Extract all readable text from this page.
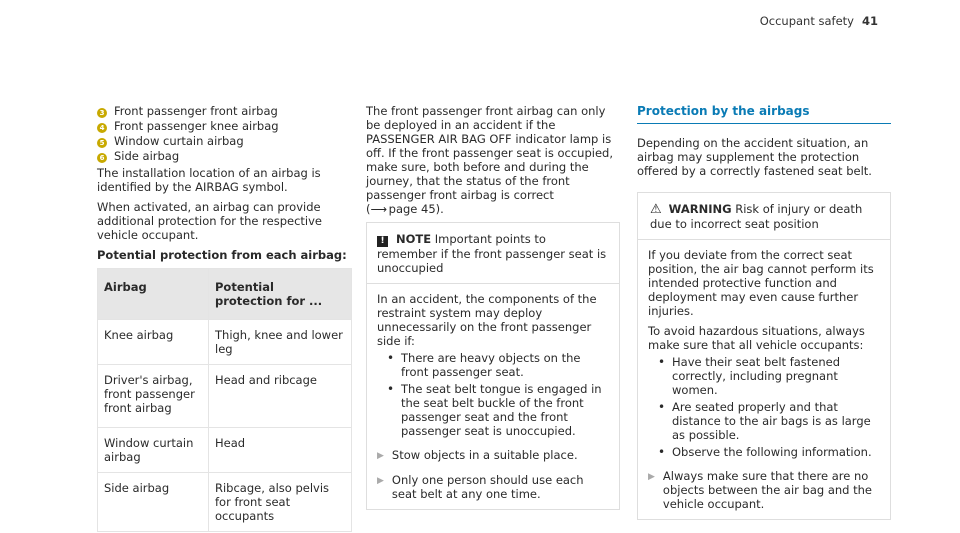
Occupant safety 41
3 Front passenger front airbag
4 Front passenger knee airbag
5 Window curtain airbag
6 Side airbag

The installation location of an airbag is identified by the AIRBAG symbol.

When activated, an airbag can provide additional protection for the respective vehicle occupant.

Potential protection from each airbag:
Airbag	Potential protection for ...
Knee airbag	Thigh, knee and lower leg
Driver's airbag, front passenger front airbag	Head and ribcage
Window curtain airbag	Head
Side airbag	Ribcage, also pelvis for front seat occupants

The front passenger front airbag can only be deployed in an accident if the PASSENGER AIR BAG OFF indicator lamp is off. If the front passenger seat is occupied, make sure, both before and during the journey, that the status of the front passenger front airbag is correct
(⟶ page 45).

! NOTE Important points to remember if the front passenger seat is unoccupied
In an accident, the components of the restraint system may deploy unnecessarily on the front passenger side if:
• There are heavy objects on the front passenger seat.
• The seat belt tongue is engaged in the seat belt buckle of the front passenger seat and the front passenger seat is unoccupied.
▶ Stow objects in a suitable place.
▶ Only one person should use each seat belt at any one time.
Protection by the airbags

Depending on the accident situation, an airbag may supplement the protection offered by a correctly fastened seat belt.

⚠ WARNING Risk of injury or death due to incorrect seat position
If you deviate from the correct seat position, the air bag cannot perform its intended protective function and deployment may even cause further injuries.
To avoid hazardous situations, always make sure that all vehicle occupants:
• Have their seat belt fastened correctly, including pregnant women.
• Are seated properly and that distance to the air bags is as large as possible.
• Observe the following information.
▶ Always make sure that there are no objects between the air bag and the vehicle occupant.
